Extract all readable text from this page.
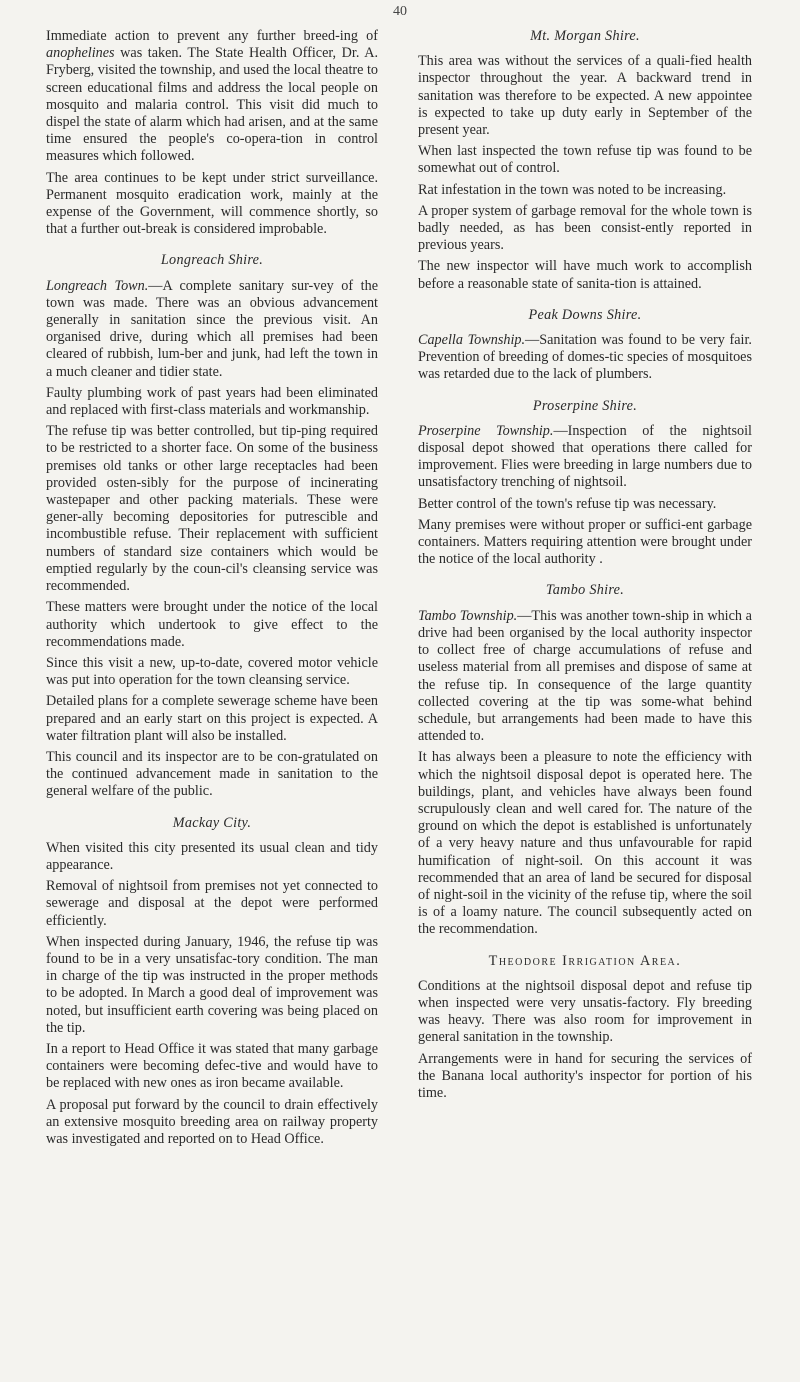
40

Immediate action to prevent any further breed-ing of anophelines was taken. The State Health Officer, Dr. A. Fryberg, visited the township, and used the local theatre to screen educational films and address the local people on mosquito and malaria control. This visit did much to dispel the state of alarm which had arisen, and at the same time ensured the people's co-opera-tion in control measures which followed.

The area continues to be kept under strict surveillance. Permanent mosquito eradication work, mainly at the expense of the Government, will commence shortly, so that a further out-break is considered improbable.

Longreach Shire.

Longreach Town.—A complete sanitary sur-vey of the town was made. There was an obvious advancement generally in sanitation since the previous visit. An organised drive, during which all premises had been cleared of rubbish, lum-ber and junk, had left the town in a much cleaner and tidier state.

Faulty plumbing work of past years had been eliminated and replaced with first-class materials and workmanship.

The refuse tip was better controlled, but tip-ping required to be restricted to a shorter face. On some of the business premises old tanks or other large receptacles had been provided osten-sibly for the purpose of incinerating wastepaper and other packing materials. These were gener-ally becoming depositories for putrescible and incombustible refuse. Their replacement with sufficient numbers of standard size containers which would be emptied regularly by the coun-cil's cleansing service was recommended.

These matters were brought under the notice of the local authority which undertook to give effect to the recommendations made.

Since this visit a new, up-to-date, covered motor vehicle was put into operation for the town cleansing service.

Detailed plans for a complete sewerage scheme have been prepared and an early start on this project is expected. A water filtration plant will also be installed.

This council and its inspector are to be con-gratulated on the continued advancement made in sanitation to the general welfare of the public.

Mackay City.

When visited this city presented its usual clean and tidy appearance.

Removal of nightsoil from premises not yet connected to sewerage and disposal at the depot were performed efficiently.

When inspected during January, 1946, the refuse tip was found to be in a very unsatisfac-tory condition. The man in charge of the tip was instructed in the proper methods to be adopted. In March a good deal of improvement was noted, but insufficient earth covering was being placed on the tip.

In a report to Head Office it was stated that many garbage containers were becoming defec-tive and would have to be replaced with new ones as iron became available.

A proposal put forward by the council to drain effectively an extensive mosquito breeding area on railway property was investigated and reported on to Head Office.

Mt. Morgan Shire.

This area was without the services of a quali-fied health inspector throughout the year. A backward trend in sanitation was therefore to be expected. A new appointee is expected to take up duty early in September of the present year.

When last inspected the town refuse tip was found to be somewhat out of control.

Rat infestation in the town was noted to be increasing.

A proper system of garbage removal for the whole town is badly needed, as has been consist-ently reported in previous years.

The new inspector will have much work to accomplish before a reasonable state of sanita-tion is attained.

Peak Downs Shire.

Capella Township.—Sanitation was found to be very fair. Prevention of breeding of domes-tic species of mosquitoes was retarded due to the lack of plumbers.

Proserpine Shire.

Proserpine Township.—Inspection of the nightsoil disposal depot showed that operations there called for improvement. Flies were breeding in large numbers due to unsatisfactory trenching of nightsoil.

Better control of the town's refuse tip was necessary.

Many premises were without proper or suffici-ent garbage containers. Matters requiring attention were brought under the notice of the local authority .

Tambo Shire.

Tambo Township.—This was another town-ship in which a drive had been organised by the local authority inspector to collect free of charge accumulations of refuse and useless material from all premises and dispose of same at the refuse tip. In consequence of the large quantity collected covering at the tip was some-what behind schedule, but arrangements had been made to have this attended to.

It has always been a pleasure to note the efficiency with which the nightsoil disposal depot is operated here. The buildings, plant, and vehicles have always been found scrupulously clean and well cared for. The nature of the ground on which the depot is established is unfortunately of a very heavy nature and thus unfavourable for rapid humification of night-soil. On this account it was recommended that an area of land be secured for disposal of night-soil in the vicinity of the refuse tip, where the soil is of a loamy nature. The council subsequently acted on the recommendation.

Theodore Irrigation Area.

Conditions at the nightsoil disposal depot and refuse tip when inspected were very unsatis-factory. Fly breeding was heavy. There was also room for improvement in general sanitation in the township.

Arrangements were in hand for securing the services of the Banana local authority's inspector for portion of his time.
